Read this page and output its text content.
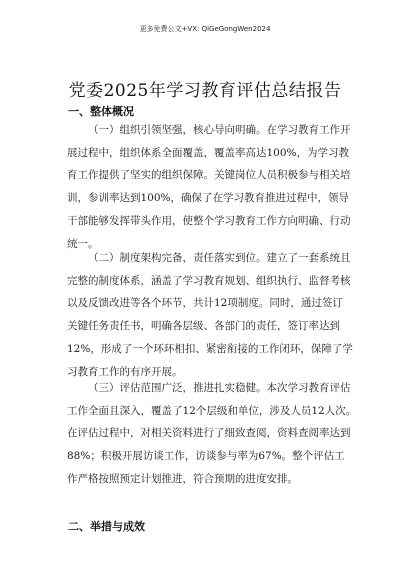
更多免费公文+VX: QiGeGongWen2024
党委2025年学习教育评估总结报告
一、整体概况
（一）组织引领坚强，核心导向明确。在学习教育工作开
展过程中，组织体系全面覆盖，覆盖率高达100%，为学习教
育工作提供了坚实的组织保障。关键岗位人员积极参与相关培
训，参训率达到100%，确保了在学习教育推进过程中，领导
干部能够发挥带头作用，使整个学习教育工作方向明确、行动
统一。
（二）制度架构完备，责任落实到位。建立了一套系统且
完整的制度体系，涵盖了学习教育规划、组织执行、监督考核
以及反馈改进等各个环节，共计12项制度。同时，通过签订
关键任务责任书，明确各层级、各部门的责任，签订率达到
12%，形成了一个环环相扣、紧密衔接的工作闭环，保障了学
习教育工作的有序开展。
（三）评估范围广泛，推进扎实稳健。本次学习教育评估
工作全面且深入，覆盖了12个层级和单位，涉及人员12人次。
在评估过程中，对相关资料进行了细致查阅，资料查阅率达到
88%；积极开展访谈工作，访谈参与率为67%。整个评估工
作严格按照预定计划推进，符合预期的进度安排。
二、举措与成效
